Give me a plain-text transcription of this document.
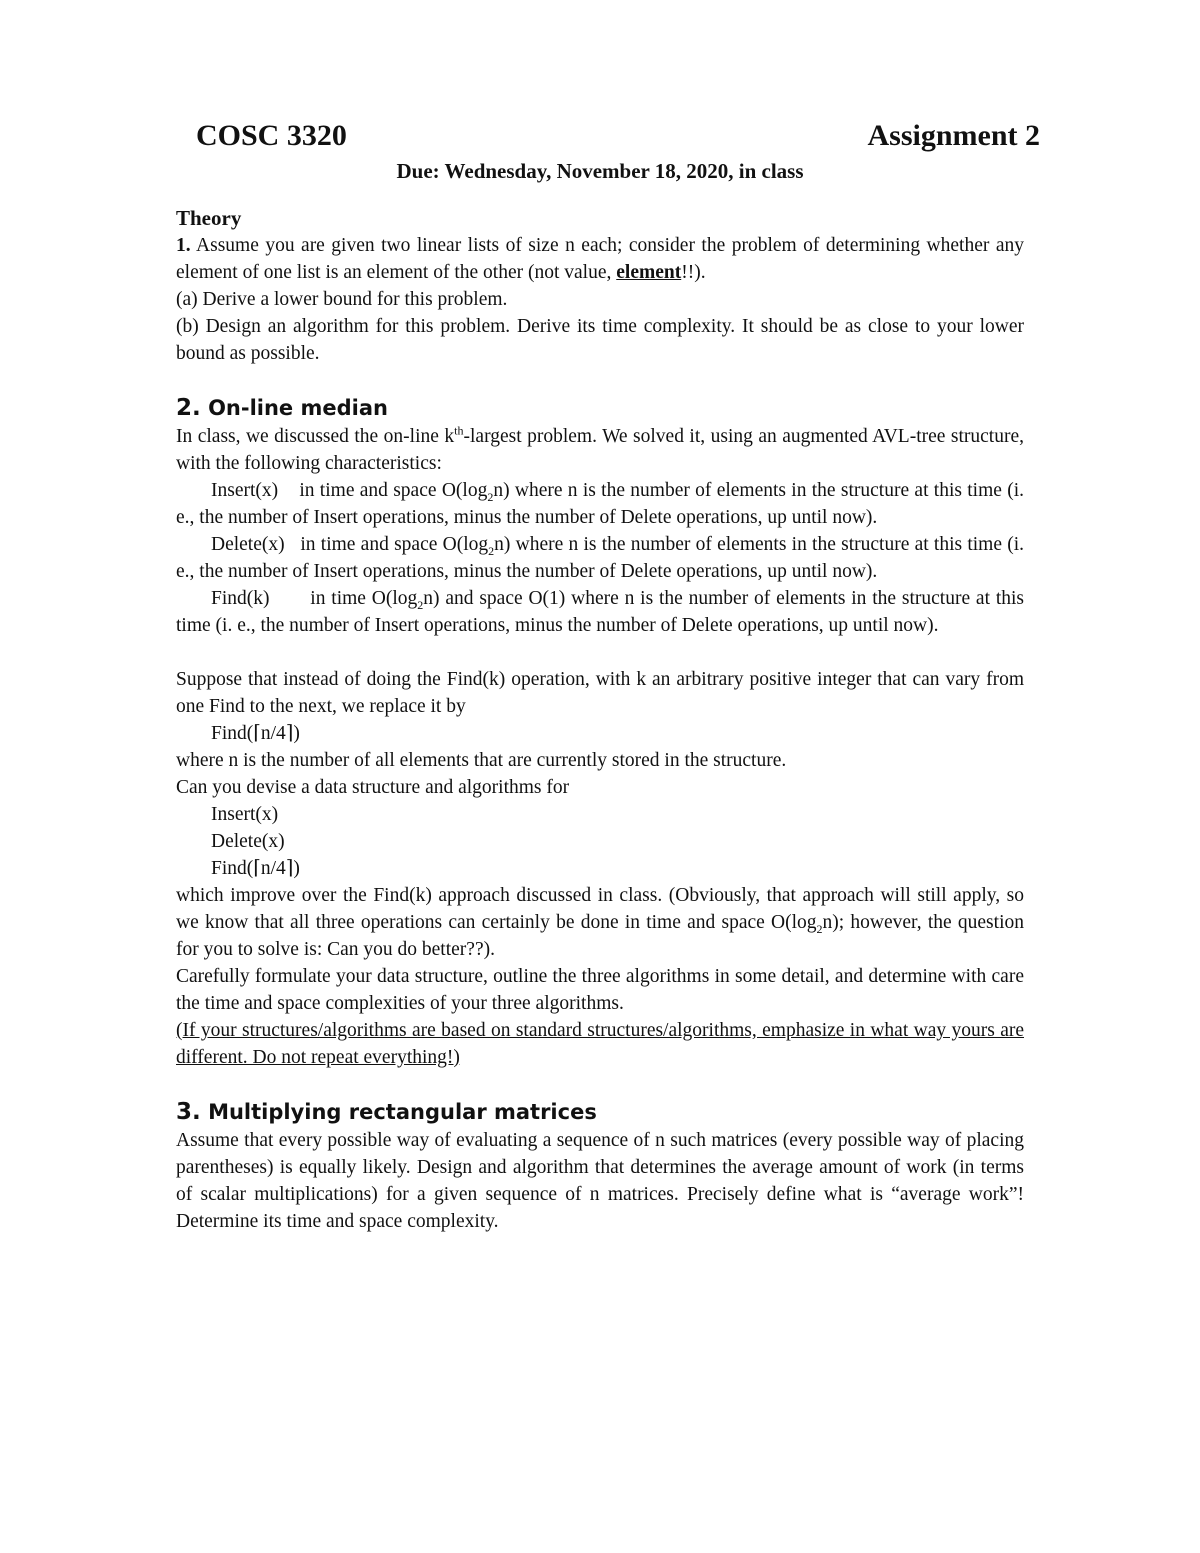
COSC 3320	Assignment 2
Due: Wednesday, November 18, 2020, in class
Theory

1. Assume you are given two linear lists of size n each; consider the problem of determining whether any element of one list is an element of the other (not value, element!!).

(a) Derive a lower bound for this problem.

(b) Design an algorithm for this problem. Derive its time complexity. It should be as close to your lower bound as possible.

2. On-line median

In class, we discussed the on-line $k^{th}$-largest problem. We solved it, using an augmented AVL-tree structure, with the following characteristics:

Insert(x) in time and space $O(\log_2n)$ where n is the number of elements in the structure at this time (i. e., the number of Insert operations, minus the number of Delete operations, up until now).

Delete(x) in time and space $O(\log_2n)$ where n is the number of elements in the structure at this time (i. e., the number of Insert operations, minus the number of Delete operations, up until now).

Find(k) in time $O(\log_2n)$ and space O(1) where n is the number of elements in the structure at this time (i. e., the number of Insert operations, minus the number of Delete operations, up until now).

Suppose that instead of doing the Find(k) operation, with k an arbitrary positive integer that can vary from one Find to the next, we replace it by

Find(⌈n/4⌉)

where n is the number of all elements that are currently stored in the structure.

Can you devise a data structure and algorithms for

Insert(x)

Delete(x)

Find(⌈n/4⌉)

which improve over the Find(k) approach discussed in class. (Obviously, that approach will still apply, so we know that all three operations can certainly be done in time and space $O(\log_2n)$; however, the question for you to solve is: Can you do better??).

Carefully formulate your data structure, outline the three algorithms in some detail, and determine with care the time and space complexities of your three algorithms.

(If your structures/algorithms are based on standard structures/algorithms, emphasize in what way yours are different. Do not repeat everything!)

3. Multiplying rectangular matrices

Assume that every possible way of evaluating a sequence of n such matrices (every possible way of placing parentheses) is equally likely. Design and algorithm that determines the average amount of work (in terms of scalar multiplications) for a given sequence of n matrices. Precisely define what is “average work”! Determine its time and space complexity.
